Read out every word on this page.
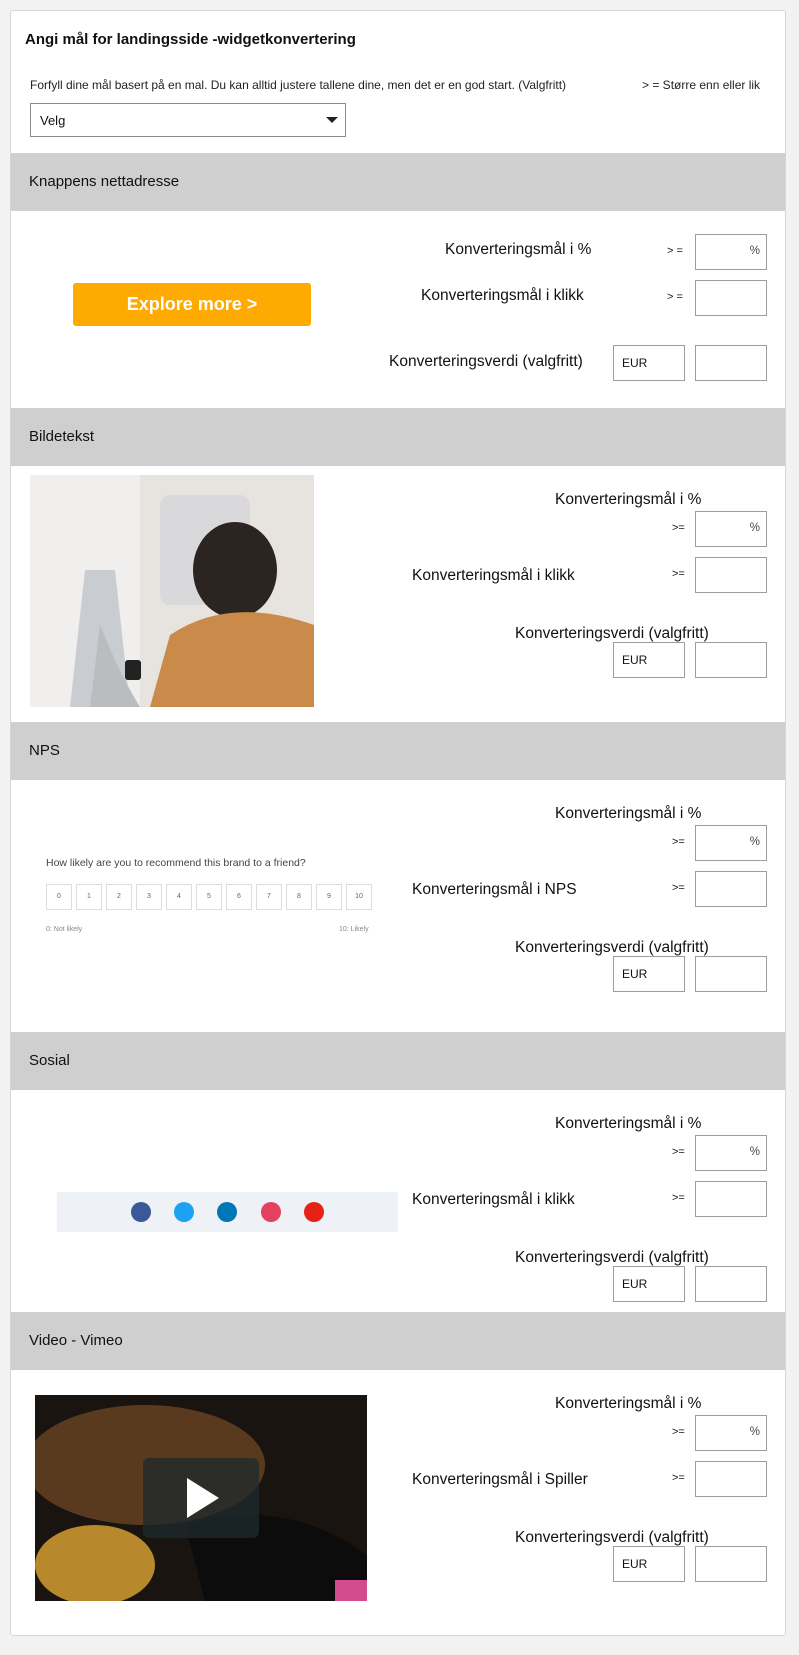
Angi mål for landingsside -widgetkonvertering
Forfyll dine mål basert på en mal. Du kan alltid justere tallene dine, men det er en god start. (Valgfritt)	> = Større enn eller lik
Velg
Knappens nettadresse
Explore more >
Konverteringsmål i %	> =	%
Konverteringsmål i klikk	> =
Konverteringsverdi (valgfritt)	EUR
Bildetekst
Konverteringsmål i %
>=	%
Konverteringsmål i klikk	>=
Konverteringsverdi (valgfritt)
EUR
NPS
How likely are you to recommend this brand to a friend?
0	1	2	3	4	5	6	7	8	9	10
0: Not likely	10: Likely
Konverteringsmål i %
>=	%
Konverteringsmål i NPS	>=
Konverteringsverdi (valgfritt)
EUR
Sosial
Konverteringsmål i %
>=	%
Konverteringsmål i klikk	>=
Konverteringsverdi (valgfritt)
EUR
Video - Vimeo
Konverteringsmål i %
>=	%
Konverteringsmål i Spiller	>=
Konverteringsverdi (valgfritt)
EUR
